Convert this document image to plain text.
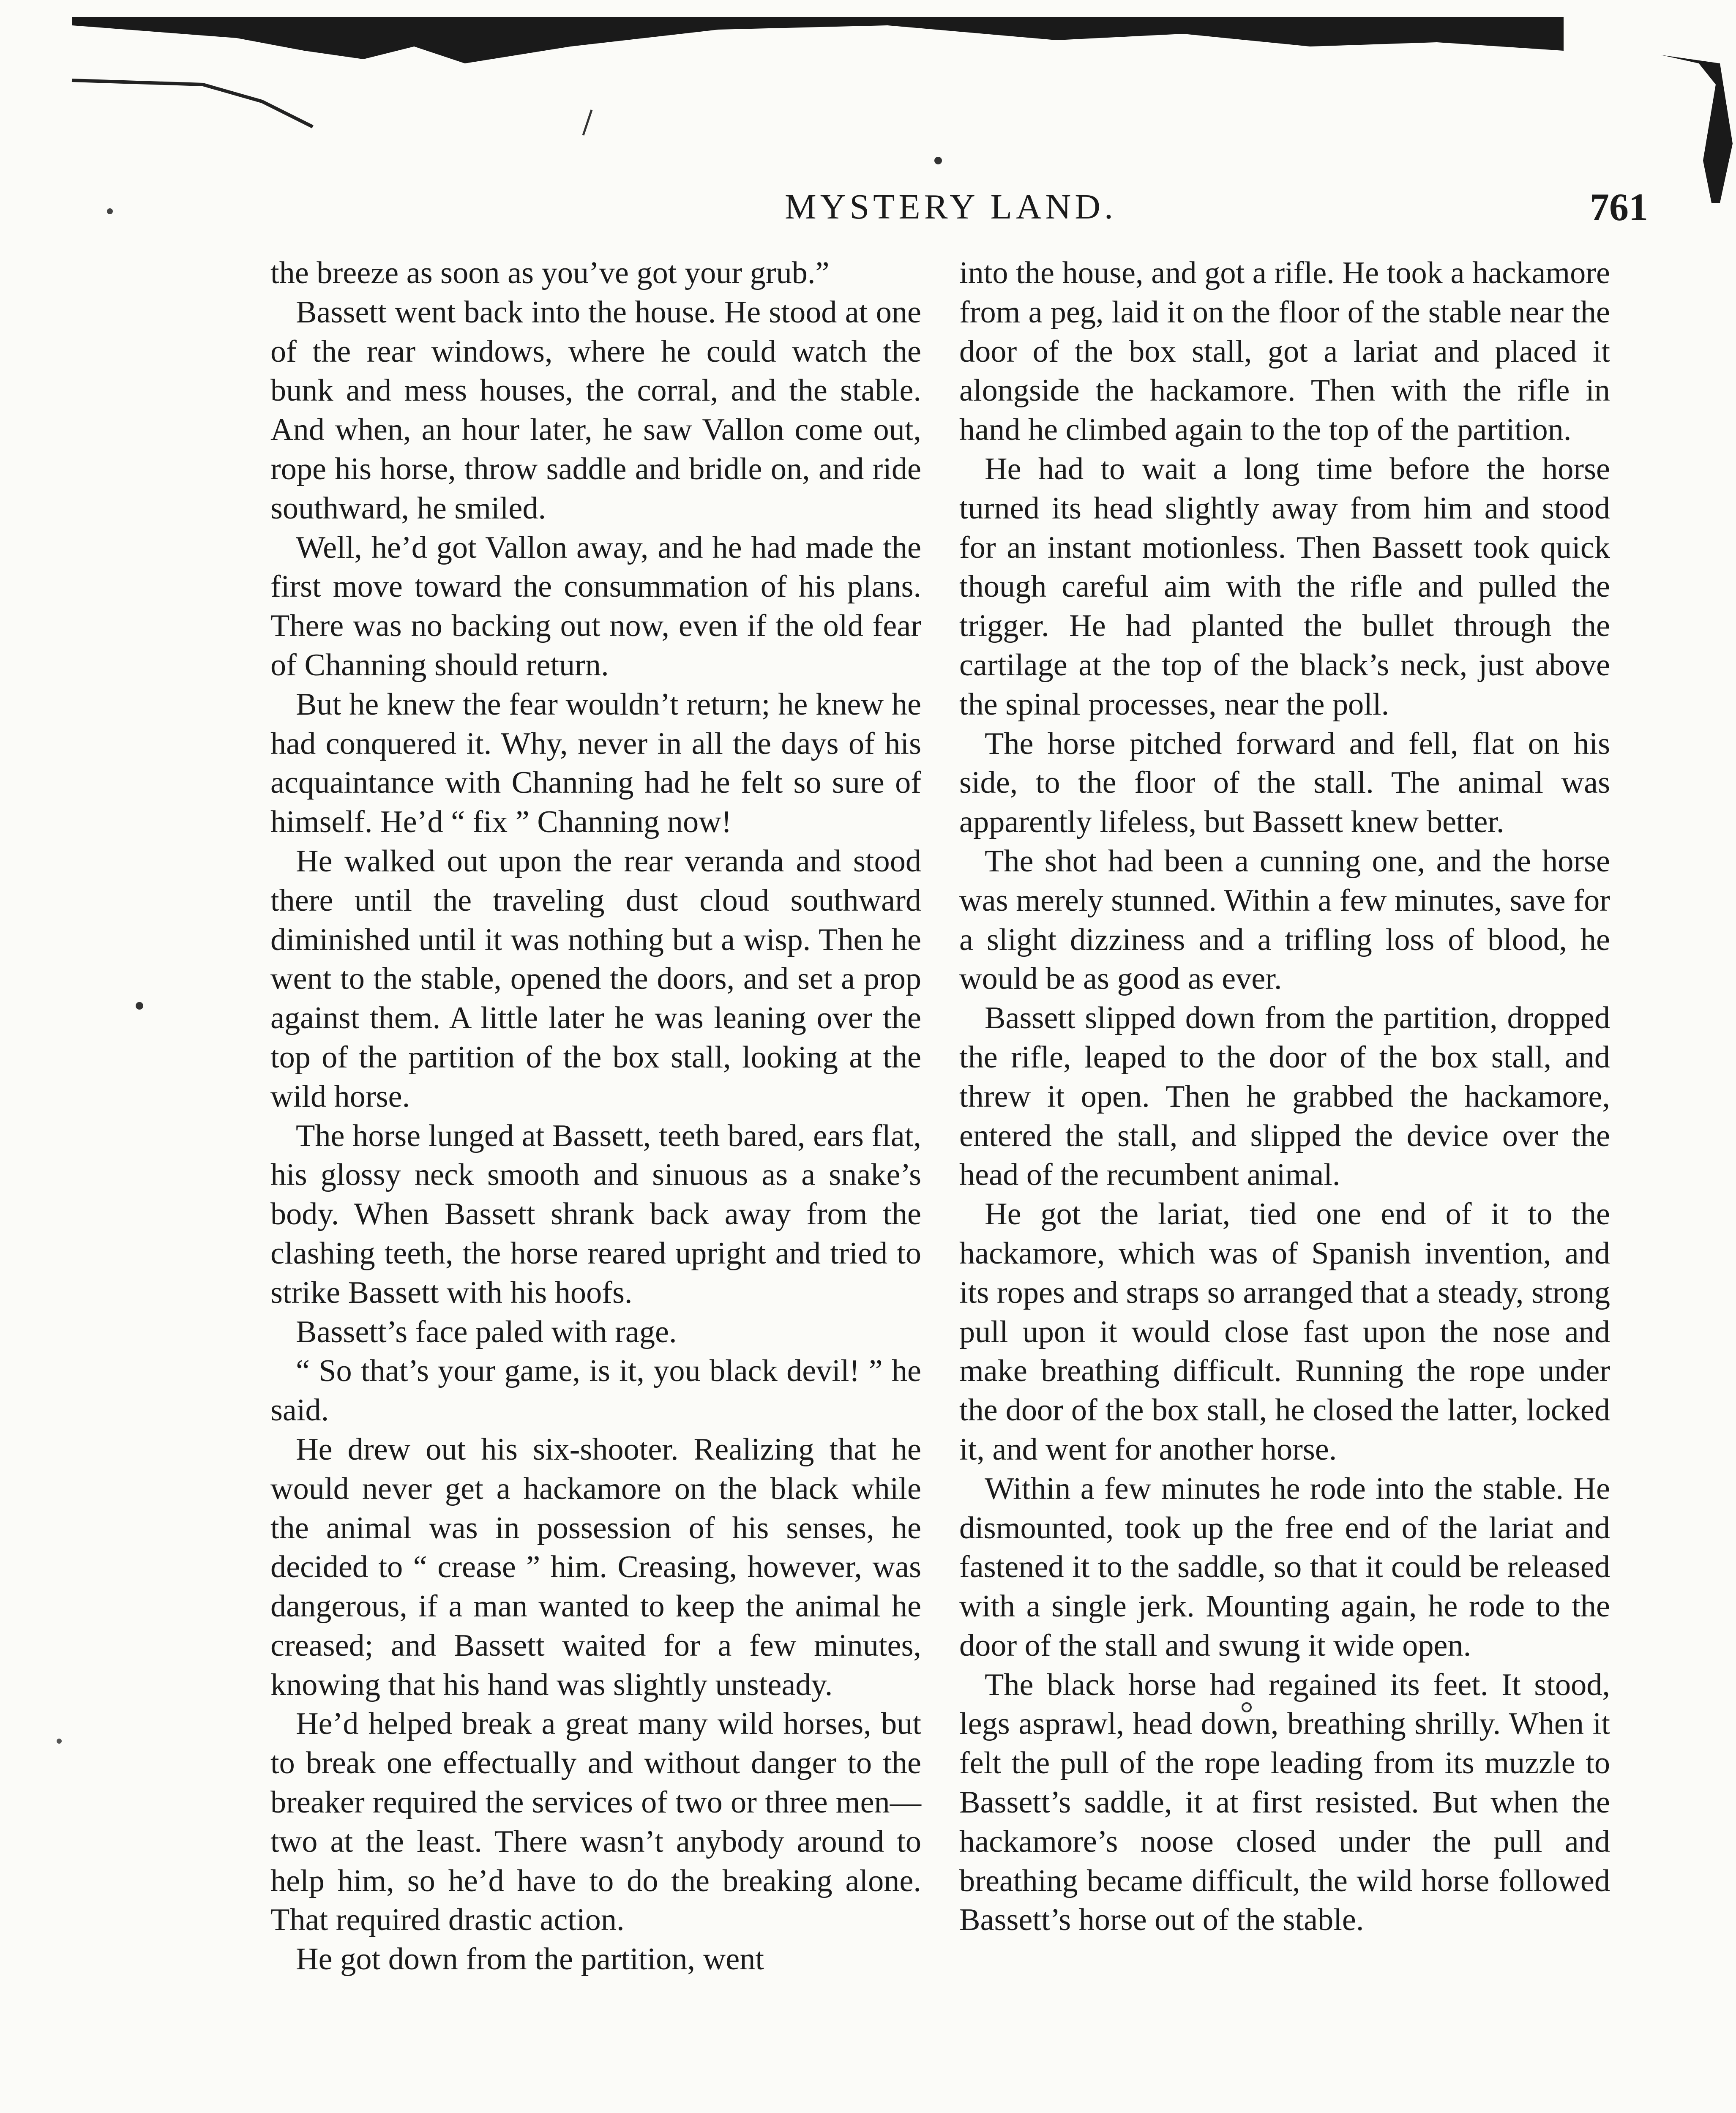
MYSTERY LAND.	761

the breeze as soon as you’ve got your grub.”

Bassett went back into the house. He stood at one of the rear windows, where he could watch the bunk and mess houses, the corral, and the stable. And when, an hour later, he saw Vallon come out, rope his horse, throw saddle and bridle on, and ride southward, he smiled.

Well, he’d got Vallon away, and he had made the first move toward the consummation of his plans. There was no backing out now, even if the old fear of Channing should return.

But he knew the fear wouldn’t return; he knew he had conquered it. Why, never in all the days of his acquaintance with Channing had he felt so sure of himself. He’d “ fix ” Channing now!

He walked out upon the rear veranda and stood there until the traveling dust cloud southward diminished until it was nothing but a wisp. Then he went to the stable, opened the doors, and set a prop against them. A little later he was leaning over the top of the partition of the box stall, looking at the wild horse.

The horse lunged at Bassett, teeth bared, ears flat, his glossy neck smooth and sinuous as a snake’s body. When Bassett shrank back away from the clashing teeth, the horse reared upright and tried to strike Bassett with his hoofs.

Bassett’s face paled with rage.

“ So that’s your game, is it, you black devil! ” he said.

He drew out his six-shooter. Realizing that he would never get a hackamore on the black while the animal was in possession of his senses, he decided to “ crease ” him. Creasing, however, was dangerous, if a man wanted to keep the animal he creased; and Bassett waited for a few minutes, knowing that his hand was slightly unsteady.

He’d helped break a great many wild horses, but to break one effectually and without danger to the breaker required the services of two or three men—two at the least. There wasn’t anybody around to help him, so he’d have to do the breaking alone. That required drastic action.

He got down from the partition, went

into the house, and got a rifle. He took a hackamore from a peg, laid it on the floor of the stable near the door of the box stall, got a lariat and placed it alongside the hackamore. Then with the rifle in hand he climbed again to the top of the partition.

He had to wait a long time before the horse turned its head slightly away from him and stood for an instant motionless. Then Bassett took quick though careful aim with the rifle and pulled the trigger. He had planted the bullet through the cartilage at the top of the black’s neck, just above the spinal processes, near the poll.

The horse pitched forward and fell, flat on his side, to the floor of the stall. The animal was apparently lifeless, but Bassett knew better.

The shot had been a cunning one, and the horse was merely stunned. Within a few minutes, save for a slight dizziness and a trifling loss of blood, he would be as good as ever.

Bassett slipped down from the partition, dropped the rifle, leaped to the door of the box stall, and threw it open. Then he grabbed the hackamore, entered the stall, and slipped the device over the head of the recumbent animal.

He got the lariat, tied one end of it to the hackamore, which was of Spanish invention, and its ropes and straps so arranged that a steady, strong pull upon it would close fast upon the nose and make breathing difficult. Running the rope under the door of the box stall, he closed the latter, locked it, and went for another horse.

Within a few minutes he rode into the stable. He dismounted, took up the free end of the lariat and fastened it to the saddle, so that it could be released with a single jerk. Mounting again, he rode to the door of the stall and swung it wide open.

The black horse had regained its feet. It stood, legs asprawl, head down, breathing shrilly. When it felt the pull of the rope leading from its muzzle to Bassett’s saddle, it at first resisted. But when the hackamore’s noose closed under the pull and breathing became difficult, the wild horse followed Bassett’s horse out of the stable.
